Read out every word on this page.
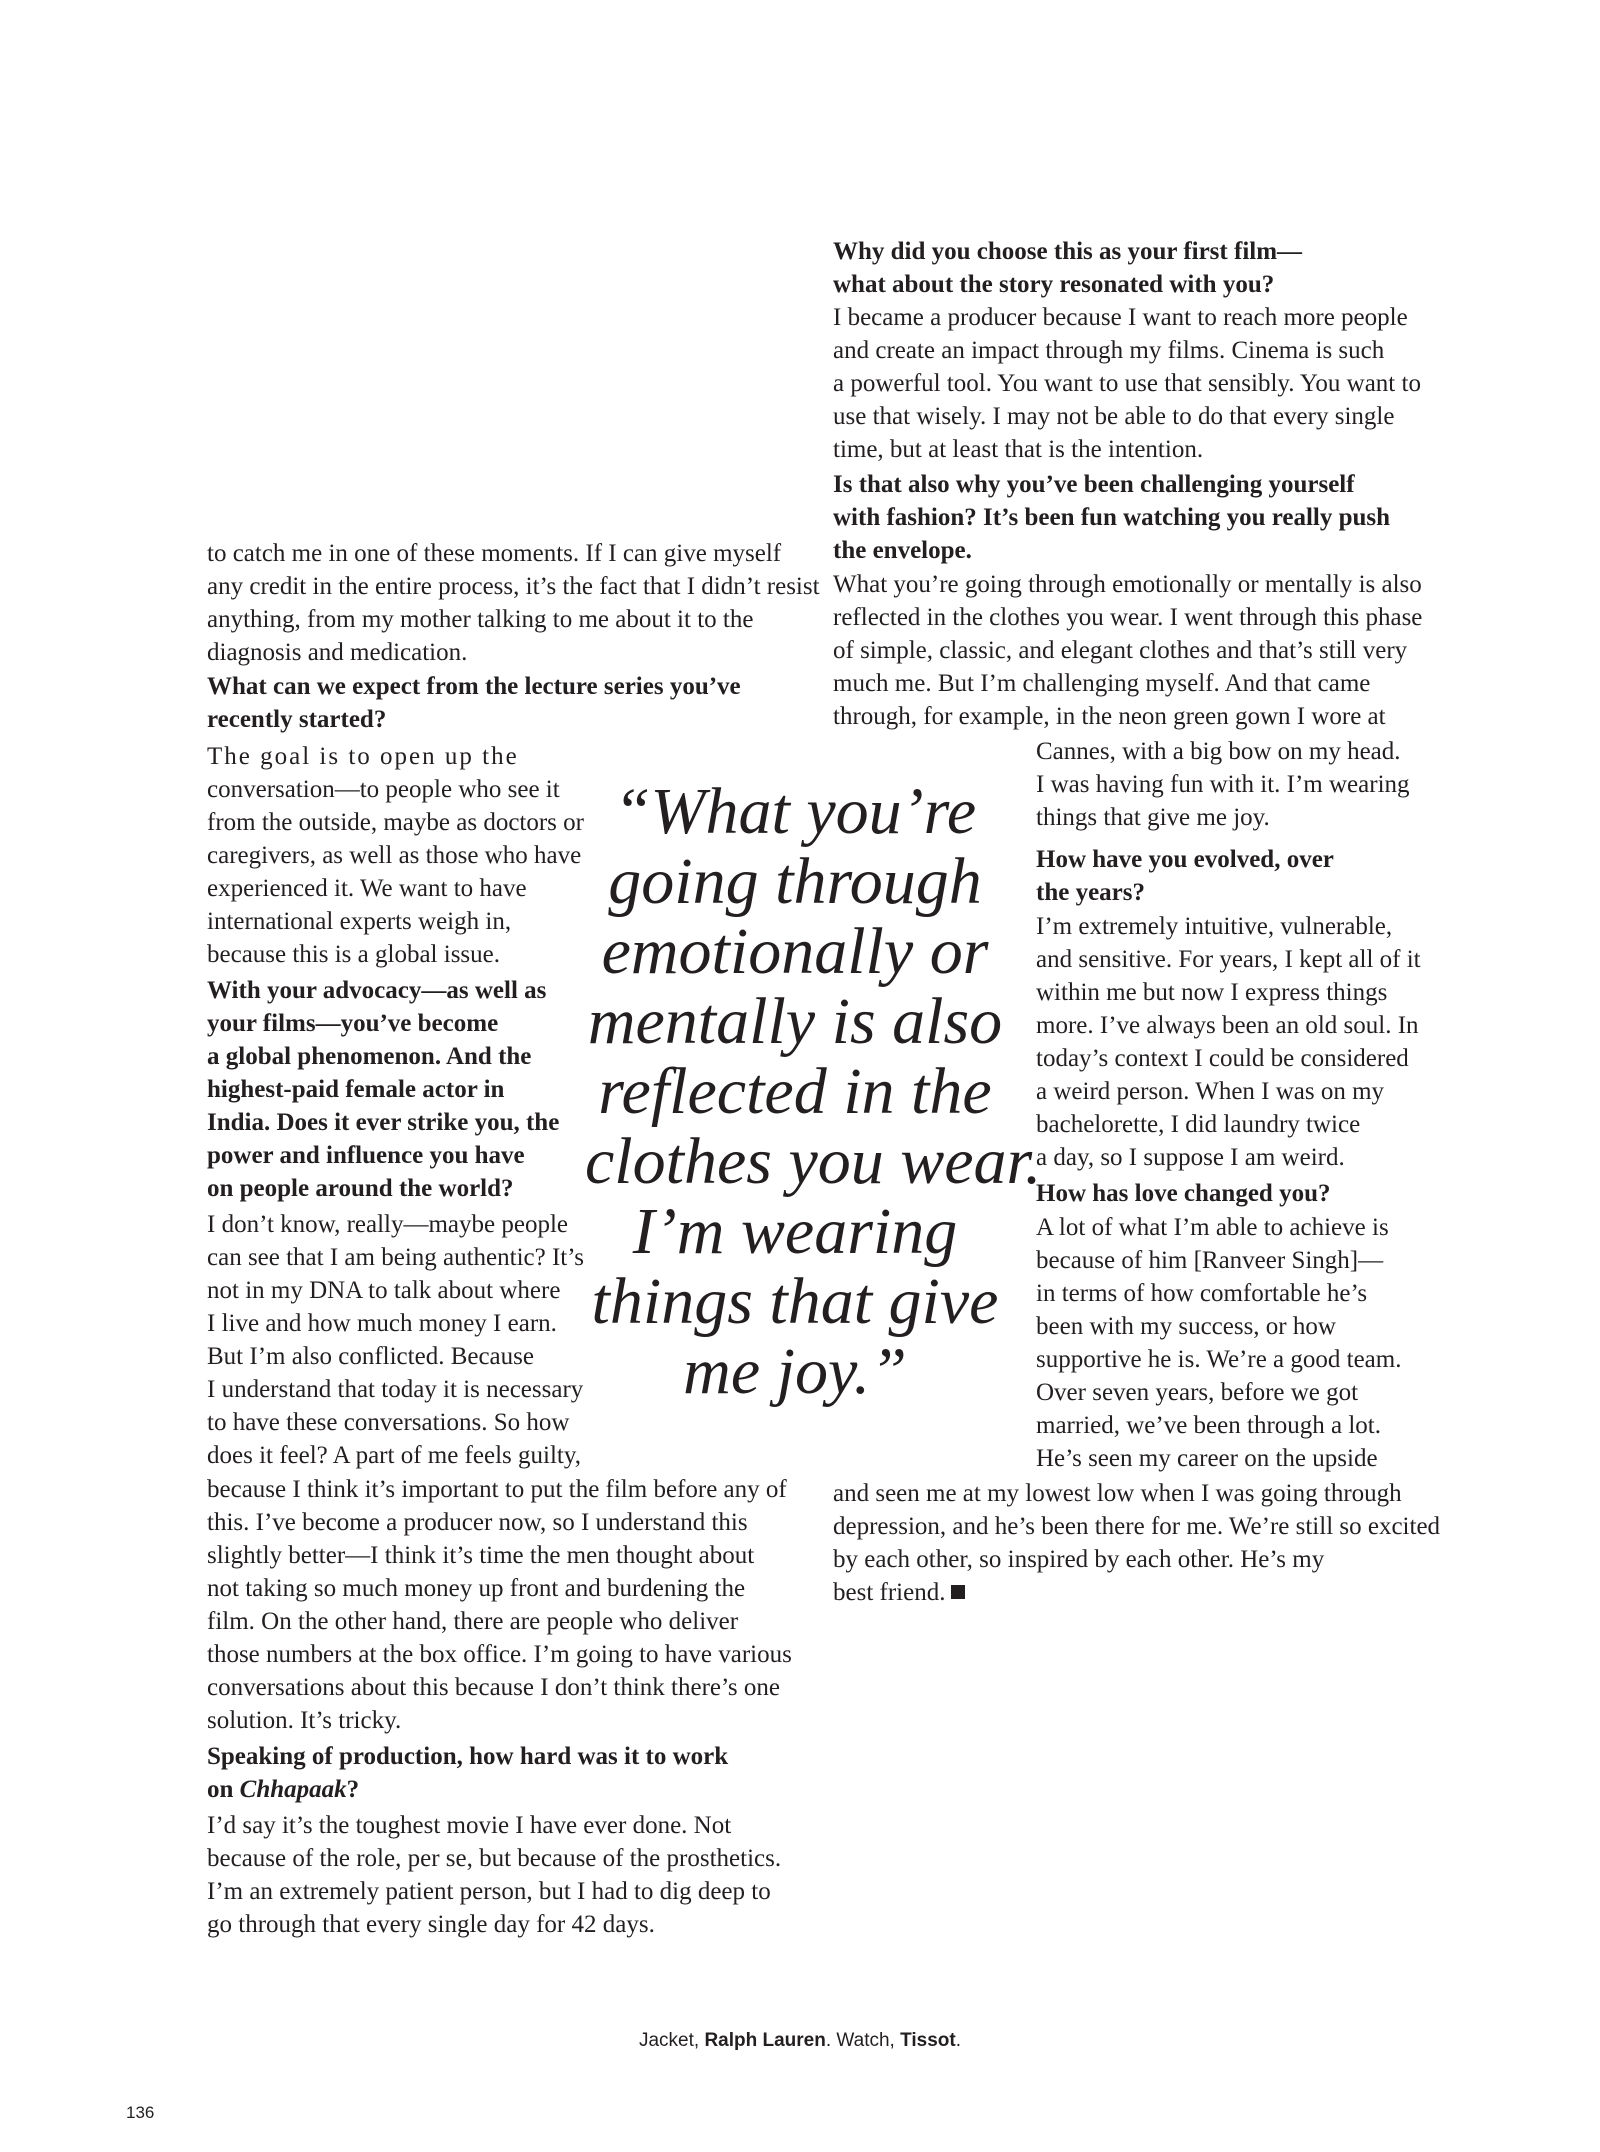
Why did you choose this as your first film—
what about the story resonated with you?
I became a producer because I want to reach more people
and create an impact through my films. Cinema is such
a powerful tool. You want to use that sensibly. You want to
use that wisely. I may not be able to do that every single
time, but at least that is the intention.
Is that also why you’ve been challenging yourself
with fashion? It’s been fun watching you really push
the envelope.
What you’re going through emotionally or mentally is also
reflected in the clothes you wear. I went through this phase
of simple, classic, and elegant clothes and that’s still very
much me. But I’m challenging myself. And that came
through, for example, in the neon green gown I wore at
Cannes, with a big bow on my head.
I was having fun with it. I’m wearing
things that give me joy.
How have you evolved, over
the years?
I’m extremely intuitive, vulnerable,
and sensitive. For years, I kept all of it
within me but now I express things
more. I’ve always been an old soul. In
today’s context I could be considered
a weird person. When I was on my
bachelorette, I did laundry twice
a day, so I suppose I am weird.
How has love changed you?
A lot of what I’m able to achieve is
because of him [Ranveer Singh]—
in terms of how comfortable he’s
been with my success, or how
supportive he is. We’re a good team.
Over seven years, before we got
married, we’ve been through a lot.
He’s seen my career on the upside
and seen me at my lowest low when I was going through
depression, and he’s been there for me. We’re still so excited
by each other, so inspired by each other. He’s my
best friend.
to catch me in one of these moments. If I can give myself
any credit in the entire process, it’s the fact that I didn’t resist
anything, from my mother talking to me about it to the
diagnosis and medication.
What can we expect from the lecture series you’ve
recently started?
The goal is to open up the
conversation—to people who see it
from the outside, maybe as doctors or
caregivers, as well as those who have
experienced it. We want to have
international experts weigh in,
because this is a global issue.
With your advocacy—as well as
your films—you’ve become
a global phenomenon. And the
highest-paid female actor in
India. Does it ever strike you, the
power and influence you have
on people around the world?
I don’t know, really—maybe people
can see that I am being authentic? It’s
not in my DNA to talk about where
I live and how much money I earn.
But I’m also conflicted. Because
I understand that today it is necessary
to have these conversations. So how
does it feel? A part of me feels guilty,
because I think it’s important to put the film before any of
this. I’ve become a producer now, so I understand this
slightly better—I think it’s time the men thought about
not taking so much money up front and burdening the
film. On the other hand, there are people who deliver
those numbers at the box office. I’m going to have various
conversations about this because I don’t think there’s one
solution. It’s tricky.
Speaking of production, how hard was it to work
on Chhapaak?
I’d say it’s the toughest movie I have ever done. Not
because of the role, per se, but because of the prosthetics.
I’m an extremely patient person, but I had to dig deep to
go through that every single day for 42 days.
“What you’re
going through
emotionally or
mentally is also
reflected in the
clothes you wear.
I’m wearing
things that give
me joy.”
Jacket, Ralph Lauren. Watch, Tissot.
136
